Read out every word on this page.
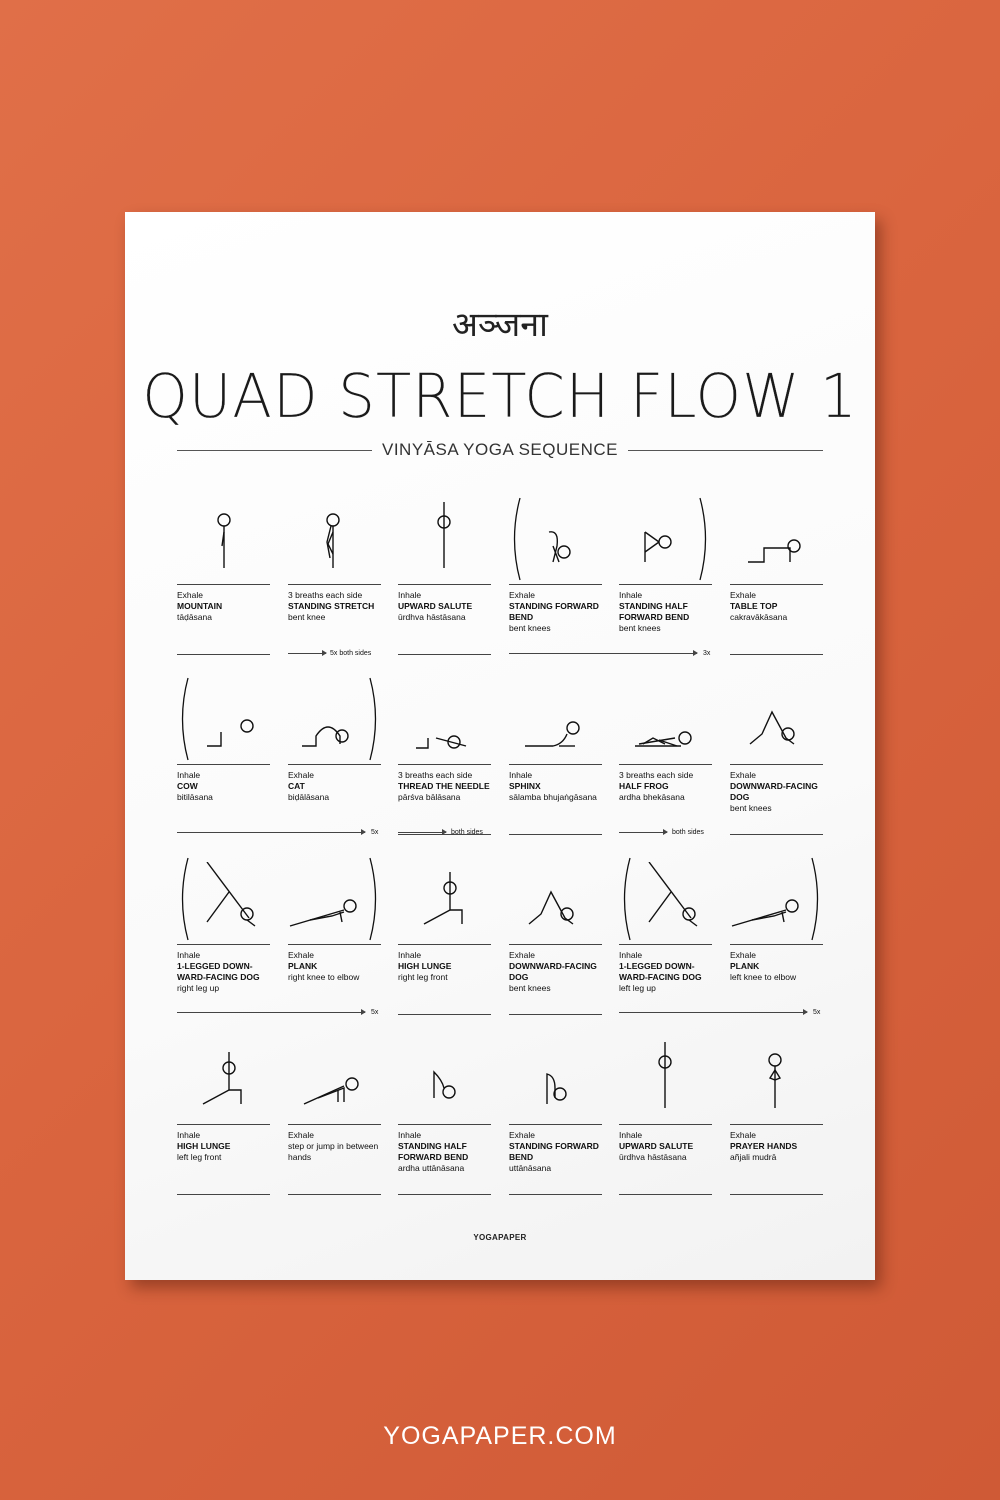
अञ्जना
QUAD STRETCH FLOW 1
VINYĀSA YOGA SEQUENCE
Exhale
MOUNTAIN
tāḍāsana
3 breaths each side
STANDING STRETCH
bent knee
Inhale
UPWARD SALUTE
ūrdhva hāstāsana
Exhale
STANDING FORWARD BEND
bent knees
Inhale
STANDING HALF FORWARD BEND
bent knees
Exhale
TABLE TOP
cakravākāsana
5x both sides	3x
Inhale
COW
bitilāsana
Exhale
CAT
biḍālāsana
3 breaths each side
THREAD THE NEEDLE
pārśva bālāsana
Inhale
SPHINX
sālamba bhujaṅgāsana
3 breaths each side
HALF FROG
ardha bhekāsana
Exhale
DOWNWARD-FACING DOG
bent knees
5x	both sides	both sides
Inhale
1-LEGGED DOWN-WARD-FACING DOG
right leg up
Exhale
PLANK
right knee to elbow
Inhale
HIGH LUNGE
right leg front
Exhale
DOWNWARD-FACING DOG
bent knees
Inhale
1-LEGGED DOWN-WARD-FACING DOG
left leg up
Exhale
PLANK
left knee to elbow
5x	5x
Inhale
HIGH LUNGE
left leg front
Exhale
step or jump in between hands
Inhale
STANDING HALF FORWARD BEND
ardha uttānāsana
Exhale
STANDING FORWARD BEND
uttānāsana
Inhale
UPWARD SALUTE
ūrdhva hāstāsana
Exhale
PRAYER HANDS
añjali mudrā
YOGAPAPER
YOGAPAPER.COM
